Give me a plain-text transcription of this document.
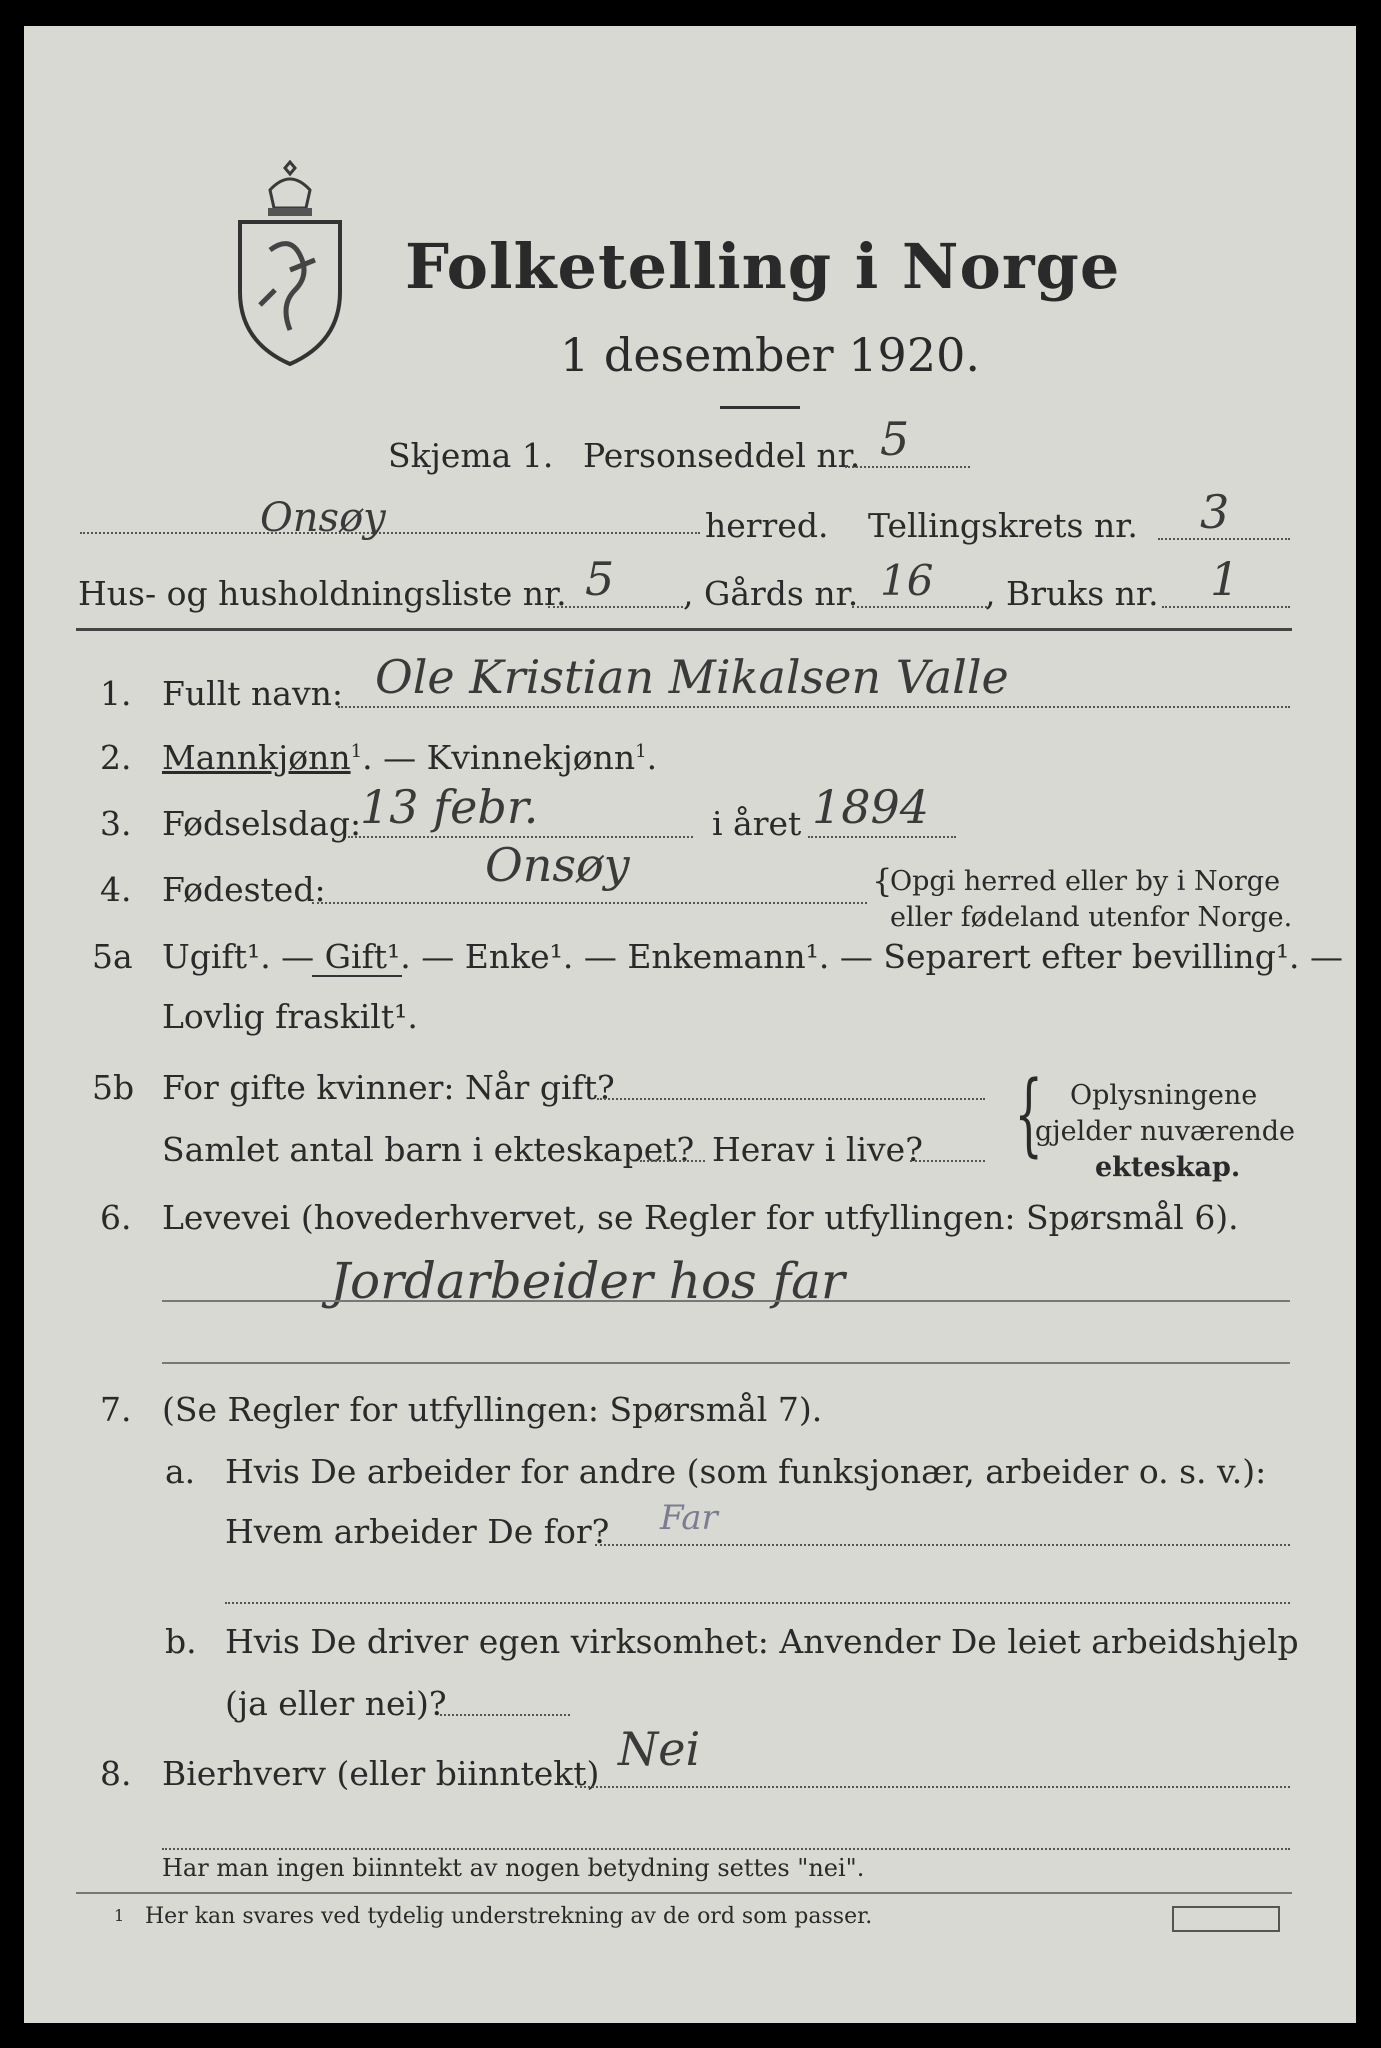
Folketelling i Norge
1 desember 1920.
Skjema 1. Personseddel nr. 5
Onsøy	herred. Tellingskrets nr. 3
Hus- og husholdningsliste nr. 5 , Gårds nr. 16 , Bruks nr. 1
1. Fullt navn: Ole Kristian Mikalsen Valle
2. Mannkjønn$^1$. — Kvinnekjønn$^1$.
3. Fødselsdag:
13 febr.	i året 1894
4. Fødested:	Onsøy	{
Opgi herred eller by i Norge
eller fødeland utenfor Norge.
5a Ugift¹. — Gift¹. — Enke¹. — Enkemann¹. — Separert efter bevilling¹. —
Lovlig fraskilt¹.
5b For gifte kvinner: Når gift?
Samlet antal barn i ekteskapet? Herav i live? { Oplysningene
gjelder nuværende
ekteskap.
6. Levevei (hovederhvervet, se Regler for utfyllingen: Spørsmål 6).
Jordarbeider hos far
7. (Se Regler for utfyllingen: Spørsmål 7).
a. Hvis De arbeider for andre (som funksjonær, arbeider o. s. v.):
Hvem arbeider De for? Far
b. Hvis De driver egen virksomhet: Anvender De leiet arbeidshjelp
(ja eller nei)?
8. Bierhverv (eller biinntekt) Nei
Har man ingen biinntekt av nogen betydning settes "nei".
1 Her kan svares ved tydelig understrekning av de ord som passer.
